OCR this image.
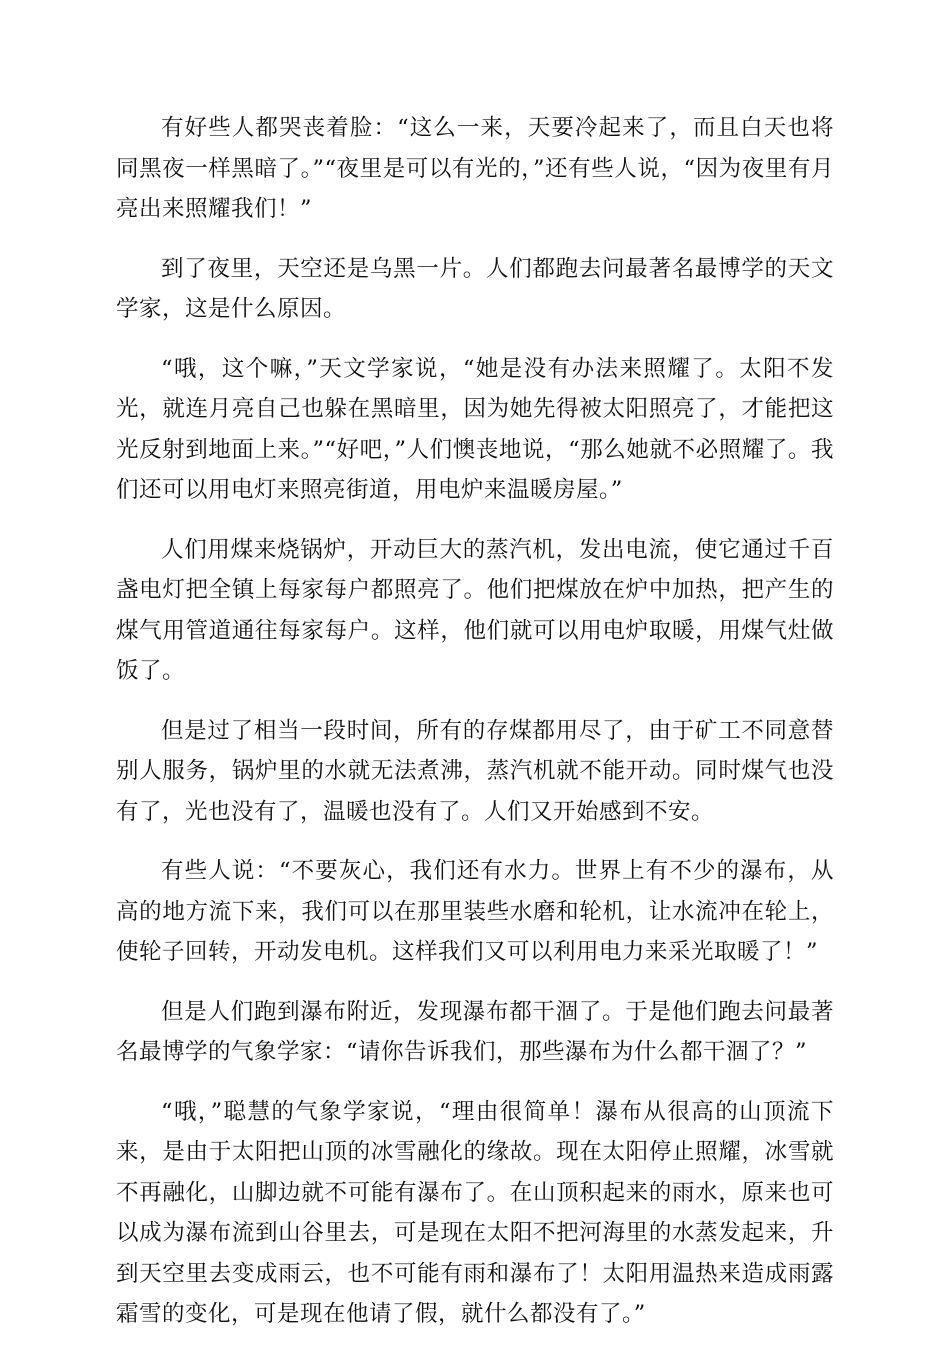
有好些人都哭丧着脸：“这么一来，天要冷起来了，而且白天也将同黑夜一样黑暗了。”“夜里是可以有光的，”还有些人说，“因为夜里有月亮出来照耀我们！”

到了夜里，天空还是乌黑一片。人们都跑去问最著名最博学的天文学家，这是什么原因。

“哦，这个嘛，”天文学家说，“她是没有办法来照耀了。太阳不发光，就连月亮自己也躲在黑暗里，因为她先得被太阳照亮了，才能把这光反射到地面上来。”“好吧，”人们懊丧地说，“那么她就不必照耀了。我们还可以用电灯来照亮街道，用电炉来温暖房屋。”

人们用煤来烧锅炉，开动巨大的蒸汽机，发出电流，使它通过千百盏电灯把全镇上每家每户都照亮了。他们把煤放在炉中加热，把产生的煤气用管道通往每家每户。这样，他们就可以用电炉取暖，用煤气灶做饭了。

但是过了相当一段时间，所有的存煤都用尽了，由于矿工不同意替别人服务，锅炉里的水就无法煮沸，蒸汽机就不能开动。同时煤气也没有了，光也没有了，温暖也没有了。人们又开始感到不安。

有些人说：“不要灰心，我们还有水力。世界上有不少的瀑布，从高的地方流下来，我们可以在那里装些水磨和轮机，让水流冲在轮上，使轮子回转，开动发电机。这样我们又可以利用电力来采光取暖了！”

但是人们跑到瀑布附近，发现瀑布都干涸了。于是他们跑去问最著名最博学的气象学家：“请你告诉我们，那些瀑布为什么都干涸了？”

“哦，”聪慧的气象学家说，“理由很简单！瀑布从很高的山顶流下来，是由于太阳把山顶的冰雪融化的缘故。现在太阳停止照耀，冰雪就不再融化，山脚边就不可能有瀑布了。在山顶积起来的雨水，原来也可以成为瀑布流到山谷里去，可是现在太阳不把河海里的水蒸发起来，升到天空里去变成雨云，也不可能有雨和瀑布了！太阳用温热来造成雨露霜雪的变化，可是现在他请了假，就什么都没有了。”
